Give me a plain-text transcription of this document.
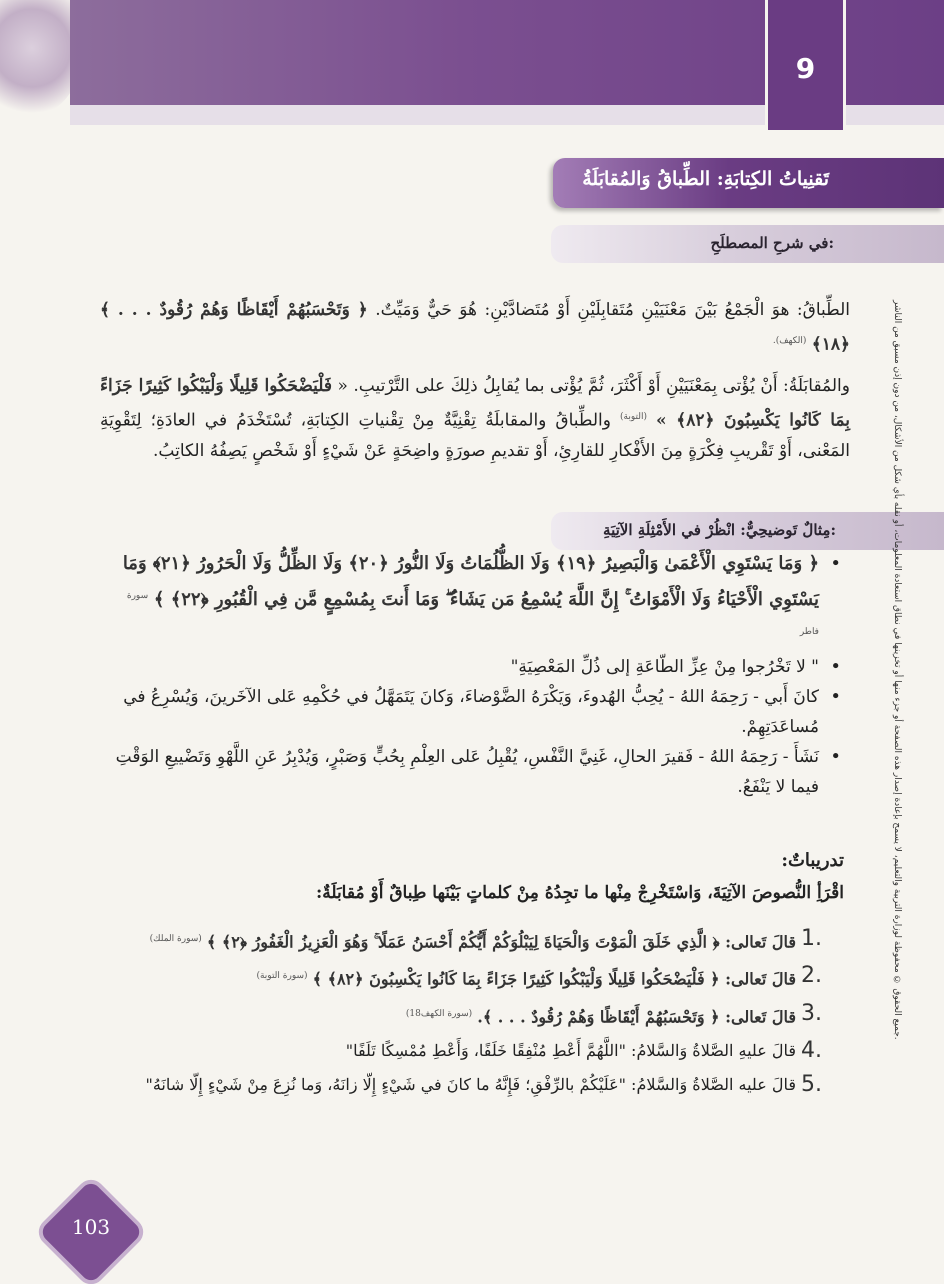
9
تَقنِياتُ الكِتابَةِ: الطِّباقُ وَالمُقابَلَةُ
في شرحِ المصطلَحِ:
الطِّباقُ: هوَ الْجَمْعُ بَيْنَ مَعْنَيَيْنِ مُتَقابِلَيْنِ أَوْ مُتَضادَّيْنِ: هُوَ حَيٌّ وَمَيِّتٌ. ﴿ وَتَحْسَبُهُمْ أَيْقَاظًا وَهُمْ رُقُودٌ . . . ﴾ ﴿١٨﴾ $^{(الكهف).}$
والمُقابَلَةُ: أَنْ يُؤْتى بِمَعْنَيَيْنِ أَوْ أَكْثَرَ، ثُمَّ يُؤْتى بما يُقابِلُ ذلِكَ على التَّرْتيبِ. « فَلْيَضْحَكُوا قَلِيلًا وَلْيَبْكُوا كَثِيرًا جَزَاءً بِمَا كَانُوا يَكْسِبُونَ ﴿٨٢﴾ » $^{(التوبة)}$ والطِّباقُ والمقابلَةُ تِقْنِيَّةٌ مِنْ تِقْنياتِ الكِتابَةِ، تُسْتَخْدَمُ في العادَةِ؛ لِتَقْوِيَةِ المَعْنى، أَوْ تَقْريبِ فِكْرَةٍ مِنَ الأَفْكارِ للقارِئِ، أَوْ تقديمِ صورَةٍ واضِحَةٍ عَنْ شَيْءٍ أَوْ شَخْصٍ يَصِفُهُ الكاتِبُ.
مِثالٌ تَوضيحِيٌّ: انْظُرْ في الأَمْثِلَةِ الآتِيَةِ:
• ﴿ وَمَا يَسْتَوِي الْأَعْمَىٰ وَالْبَصِيرُ ﴿١٩﴾ وَلَا الظُّلُمَاتُ وَلَا النُّورُ ﴿٢٠﴾ وَلَا الظِّلُّ وَلَا الْحَرُورُ ﴿٢١﴾ وَمَا يَسْتَوِي الْأَحْيَاءُ وَلَا الْأَمْوَاتُ ۚ إِنَّ اللَّهَ يُسْمِعُ مَن يَشَاءُ ۖ وَمَا أَنتَ بِمُسْمِعٍ مَّن فِي الْقُبُورِ ﴿٢٢﴾ ﴾ $^{سورة فاطر}$
• " لا تَخْرُجوا مِنْ عِزِّ الطّاعَةِ إلى ذُلِّ المَعْصِيَةِ"
• كانَ أَبي - رَحِمَهُ اللهُ - يُحِبُّ الهُدوءَ، وَيَكْرَهُ الضَّوْضاءَ، وَكانَ يَتَمَهَّلُ في حُكْمِهِ عَلى الآخَرينَ، وَيُسْرِعُ في مُساعَدَتِهِمْ.
• نَشَأَ - رَحِمَهُ اللهُ - فَقيرَ الحالِ، غَنِيَّ النَّفْسِ، يُقْبِلُ عَلى العِلْمِ بِحُبٍّ وَصَبْرٍ، وَيُدْبِرُ عَنِ اللَّهْوِ وَتَضْييعِ الوَقْتِ فيما لا يَنْفَعُ.
تدريباتٌ:
اقْرَأِ النُّصوصَ الآتِيَةَ، وَاسْتَخْرِجْ مِنْها ما تجِدُهُ مِنْ كلماتٍ بَيْنَها طِباقٌ أَوْ مُقابَلَةٌ:
1.
قالَ تَعالى: ﴿ الَّذِي خَلَقَ الْمَوْتَ وَالْحَيَاةَ لِيَبْلُوَكُمْ أَيُّكُمْ أَحْسَنُ عَمَلًا ۚ وَهُوَ الْعَزِيزُ الْغَفُورُ ﴿٢﴾ ﴾ $^{(سورة الملك)}$
2.
قالَ تَعالى: ﴿ فَلْيَضْحَكُوا قَلِيلًا وَلْيَبْكُوا كَثِيرًا جَزَاءً بِمَا كَانُوا يَكْسِبُونَ ﴿٨٢﴾ ﴾ $^{(سورة التوبة)}$
3.
قالَ تَعالى: ﴿ وَتَحْسَبُهُمْ أَيْقَاظًا وَهُمْ رُقُودٌ . . . ﴾. $^{(سورة الكهف18)}$
4.
قالَ عليهِ الصَّلاةُ وَالسَّلامُ: "اللَّهُمَّ أَعْطِ مُنْفِقًا خَلَفًا، وَأَعْطِ مُمْسِكًا تَلَفًا"
5.
قالَ عليه الصَّلاةُ وَالسَّلامُ: "عَلَيْكُمْ بالرِّفْقِ؛ فَإِنَّهُ ما كانَ في شَيْءٍ إِلّا زانَهُ، وَما نُزِعَ مِنْ شَيْءٍ إِلّا شانَهُ"
جميع الحقوق © محفوظة لوزارة التربية والتعليم، لا يسمح بإعادة إصدار هذه الصفحة أو جزء منها أو تخزينها في نطاق استعادة المعلومات، أو نقله بأي شكل من الأشكال، من دون إذن مسبق من الناشر.
103
